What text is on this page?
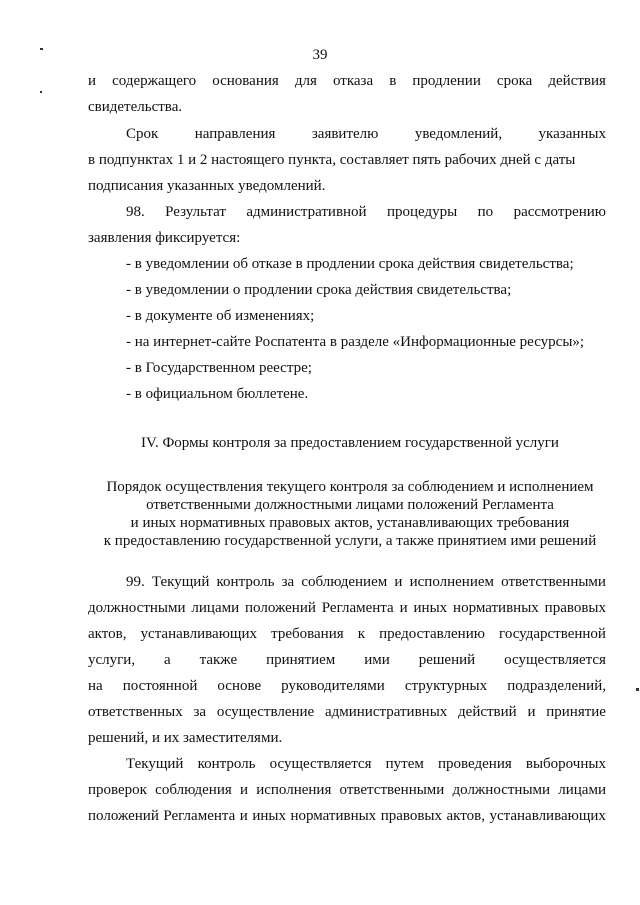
39
и содержащего основания для отказа в продлении срока действия
свидетельства.
Срок направления заявителю уведомлений, указанных
в подпунктах 1 и 2 настоящего пункта, составляет пять рабочих дней с даты
подписания указанных уведомлений.
98. Результат административной процедуры по рассмотрению
заявления фиксируется:
- в уведомлении об отказе в продлении срока действия свидетельства;
- в уведомлении о продлении срока действия свидетельства;
- в документе об изменениях;
- на интернет-сайте Роспатента в разделе «Информационные ресурсы»;
- в Государственном реестре;
- в официальном бюллетене.
IV. Формы контроля за предоставлением государственной услуги
Порядок осуществления текущего контроля за соблюдением и исполнением
ответственными должностными лицами положений Регламента
и иных нормативных правовых актов, устанавливающих требования
к предоставлению государственной услуги, а также принятием ими решений
99. Текущий контроль за соблюдением и исполнением ответственными
должностными лицами положений Регламента и иных нормативных правовых
актов, устанавливающих требования к предоставлению государственной
услуги, а также принятием ими решений осуществляется
на постоянной основе руководителями структурных подразделений,
ответственных за осуществление административных действий и принятие
решений, и их заместителями.
Текущий контроль осуществляется путем проведения выборочных
проверок соблюдения и исполнения ответственными должностными лицами
положений Регламента и иных нормативных правовых актов, устанавливающих
